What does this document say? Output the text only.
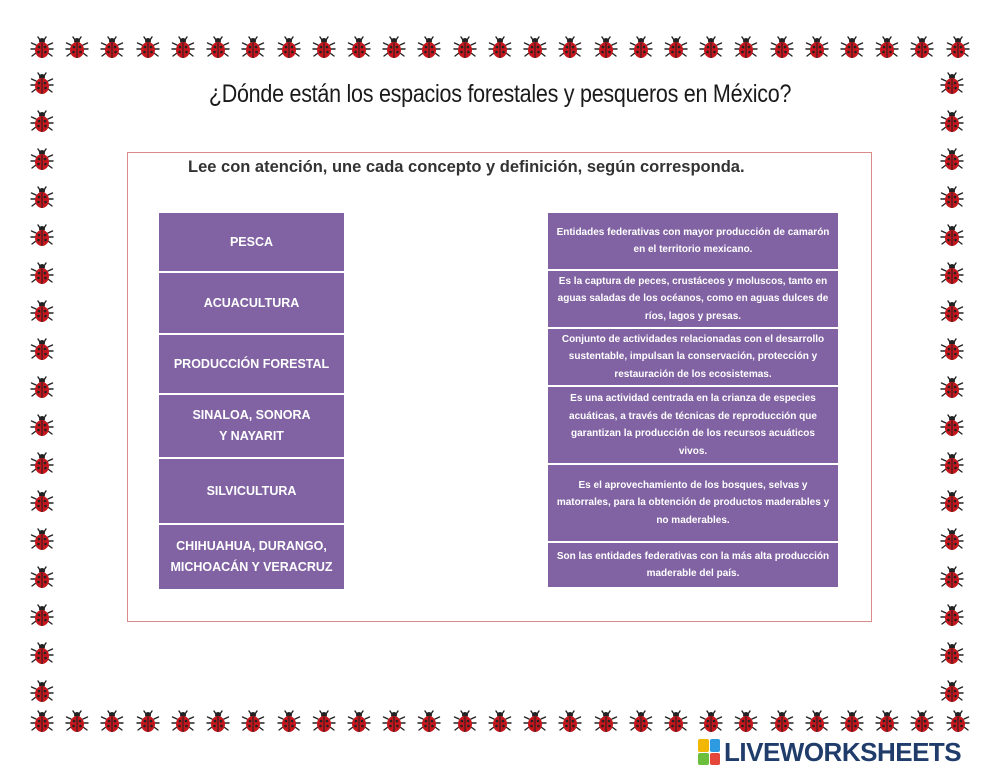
¿Dónde están los espacios forestales y pesqueros en México?
Lee con atención, une cada concepto y definición, según corresponda.
PESCA
ACUACULTURA
PRODUCCIÓN FORESTAL
SINALOA, SONORA
Y NAYARIT
SILVICULTURA
CHIHUAHUA, DURANGO,
MICHOACÁN Y VERACRUZ
Entidades federativas con mayor producción de camarón en el territorio mexicano.
Es la captura de peces, crustáceos y moluscos, tanto en aguas saladas de los océanos, como en aguas dulces de ríos, lagos y presas.
Conjunto de actividades relacionadas con el desarrollo sustentable, impulsan la conservación, protección y restauración de los ecosistemas.
Es una actividad centrada en la crianza de especies acuáticas, a través de técnicas de reproducción que garantizan la producción de los recursos acuáticos vivos.
Es el aprovechamiento de los bosques, selvas y matorrales, para la obtención de productos maderables y no maderables.
Son las entidades federativas con la más alta producción maderable del país.
LIVEWORKSHEETS
